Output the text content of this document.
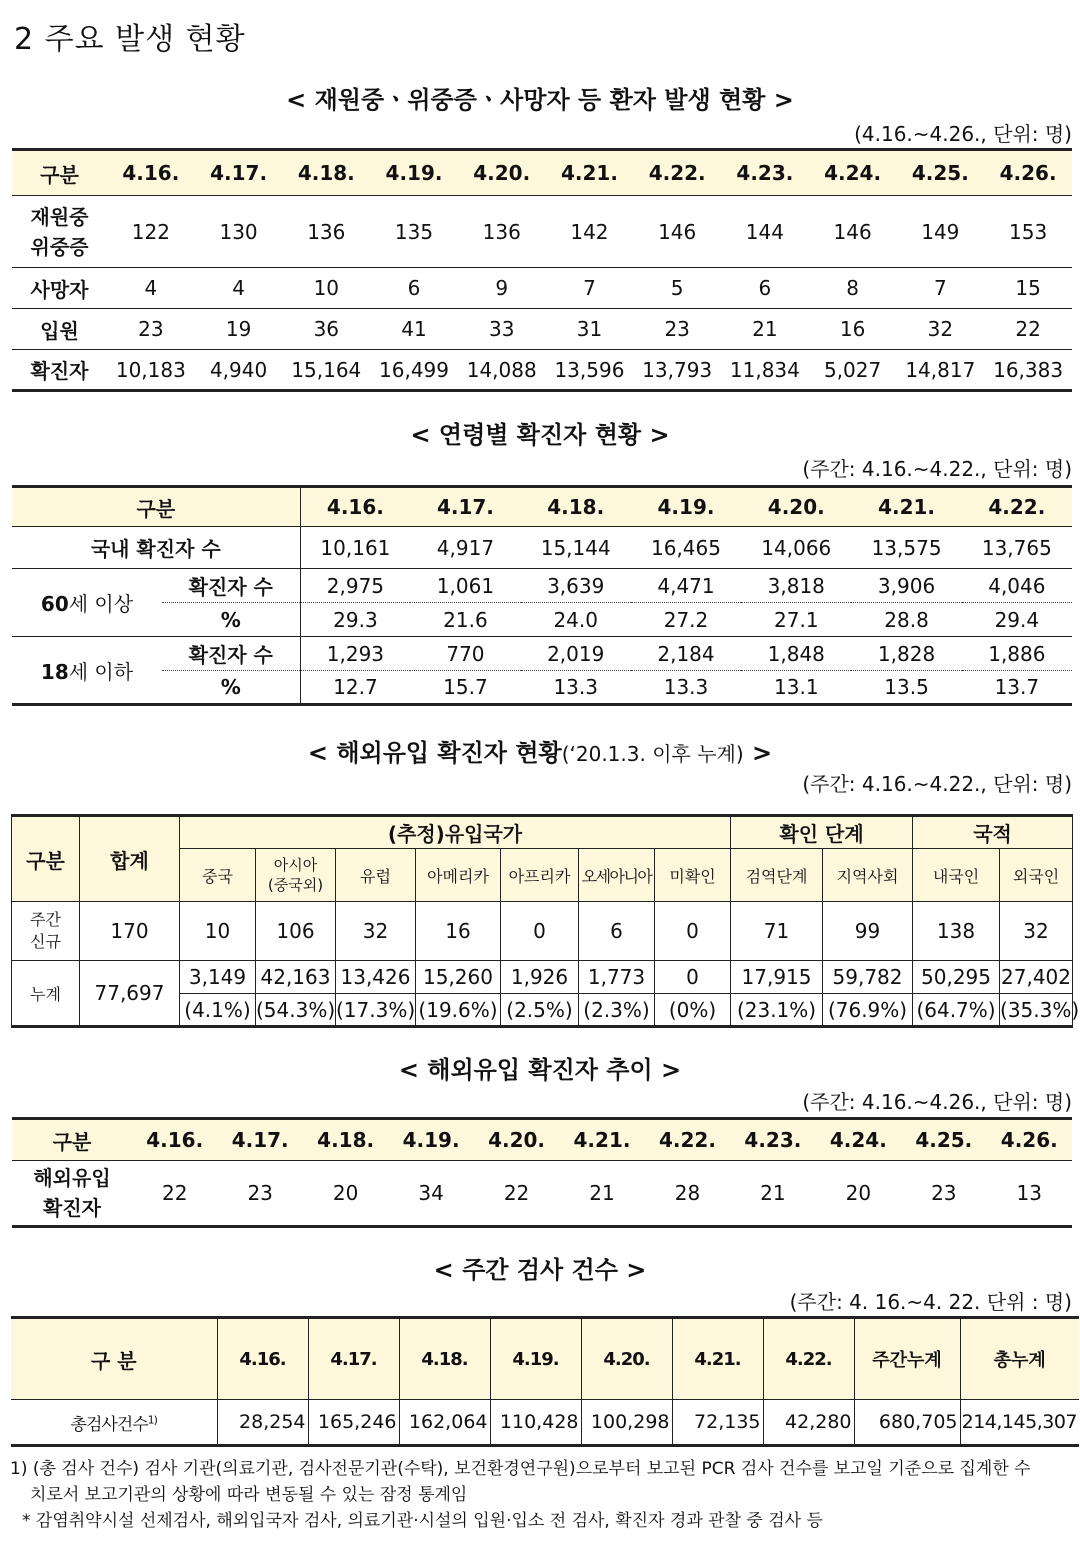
2 주요 발생 현황
< 재원중ㆍ위중증ㆍ사망자 등 환자 발생 현황 >
(4.16.~4.26., 단위: 명)
구분	4.16.	4.17.	4.18.	4.19.	4.20.	4.21.	4.22.	4.23.	4.24.	4.25.	4.26.

재원중
위중증	122	130	136	135	136	142	146	144	146	149	153
사망자	4	4	10	6	9	7	5	6	8	7	15
입원	23	19	36	41	33	31	23	21	16	32	22
확진자	10,183	4,940	15,164	16,499	14,088	13,596	13,793	11,834	5,027	14,817	16,383
< 연령별 확진자 현황 >
(주간: 4.16.~4.22., 단위: 명)
구분		4.16.	4.17.	4.18.	4.19.	4.20.	4.21.	4.22.
국내 확진자 수		10,161	4,917	15,144	16,465	14,066	13,575	13,765
60세 이상	확진자 수	2,975	1,061	3,639	4,471	3,818	3,906	4,046
	%	29.3	21.6	24.0	27.2	27.1	28.8	29.4
18세 이하	확진자 수	1,293	770	2,019	2,184	1,848	1,828	1,886
	%	12.7	15.7	13.3	13.3	13.1	13.5	13.7
< 해외유입 확진자 현황(‘20.1.3. 이후 누계) >
(주간: 4.16.~4.22., 단위: 명)
구분	합계	(추정)유입국가							확인 단계		국적	
		중국	아시아
(중국외)	유럽	아메리카	아프리카	오세아니아	미확인	검역단계	지역사회	내국인	외국인

주간
신규	170	10	106	32	16	0	6	0	71	99	138	32
누계	77,697	3,149	42,163	13,426	15,260	1,926	1,773	0	17,915	59,782	50,295	27,402
		(4.1%)	(54.3%)	(17.3%)	(19.6%)	(2.5%)	(2.3%)	(0%)	(23.1%)	(76.9%)	(64.7%)	(35.3%)
< 해외유입 확진자 추이 >
(주간: 4.16.~4.26., 단위: 명)
구분	4.16.	4.17.	4.18.	4.19.	4.20.	4.21.	4.22.	4.23.	4.24.	4.25.	4.26.

해외유입
확진자	22	23	20	34	22	21	28	21	20	23	13
< 주간 검사 건수 >
(주간: 4. 16.~4. 22. 단위 : 명)
구 분	4.16.	4.17.	4.18.	4.19.	4.20.	4.21.	4.22.	주간누계	총누계
총검사건수$^{1)}$	28,254	165,246	162,064	110,428	100,298	72,135	42,280	680,705	214,145,307
1) (총 검사 건수) 검사 기관(의료기관, 검사전문기관(수탁), 보건환경연구원)으로부터 보고된 PCR 검사 건수를 보고일 기준으로 집계한 수
치로서 보고기관의 상황에 따라 변동될 수 있는 잠정 통계임
* 감염취약시설 선제검사, 해외입국자 검사, 의료기관·시설의 입원·입소 전 검사, 확진자 경과 관찰 중 검사 등
